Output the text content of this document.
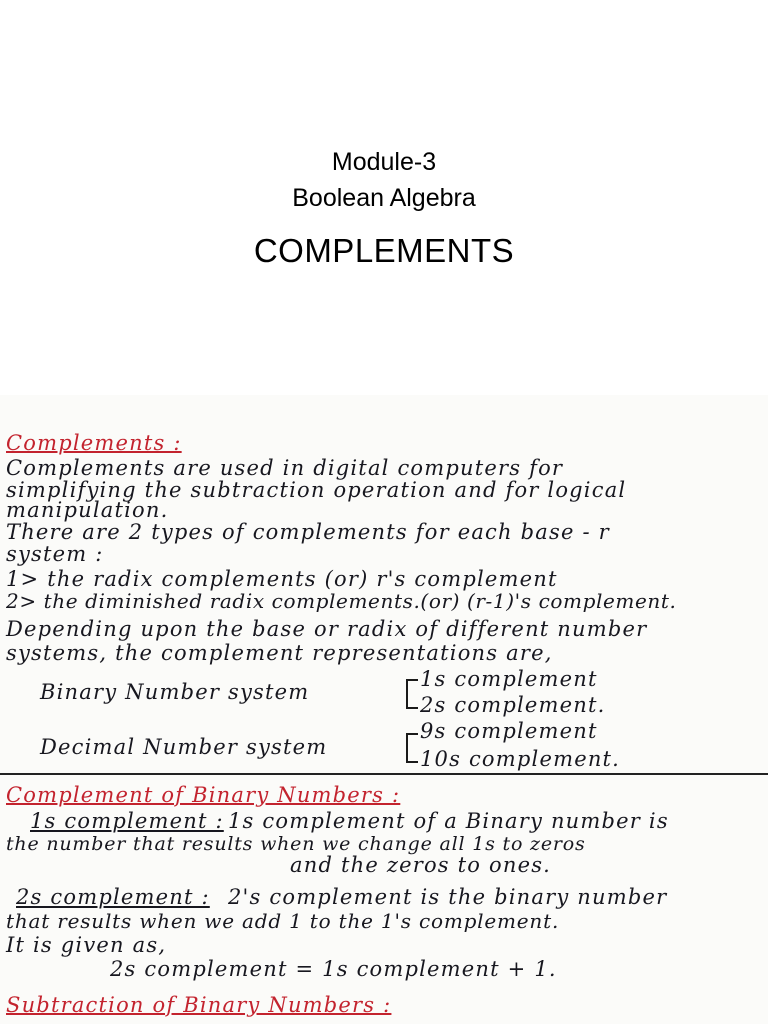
Module-3
Boolean Algebra
COMPLEMENTS
Complements :
Complements are used in digital computers for
simplifying the subtraction operation and for logical
manipulation.
There are 2 types of complements for each base - r
system :
1> the radix complements (or) r's complement
2> the diminished radix complements.(or) (r-1)'s complement.
Depending upon the base or radix of different number
systems, the complement representations are,
Binary Number system
1s complement
2s complement.
Decimal Number system
9s complement
10s complement.
Complement of Binary Numbers :
1s complement : 1s complement of a Binary number is
the number that results when we change all 1s to zeros
and the zeros to ones.
2s complement : 2's complement is the binary number
that results when we add 1 to the 1's complement.
It is given as,
2s complement = 1s complement + 1.
Subtraction of Binary Numbers :
